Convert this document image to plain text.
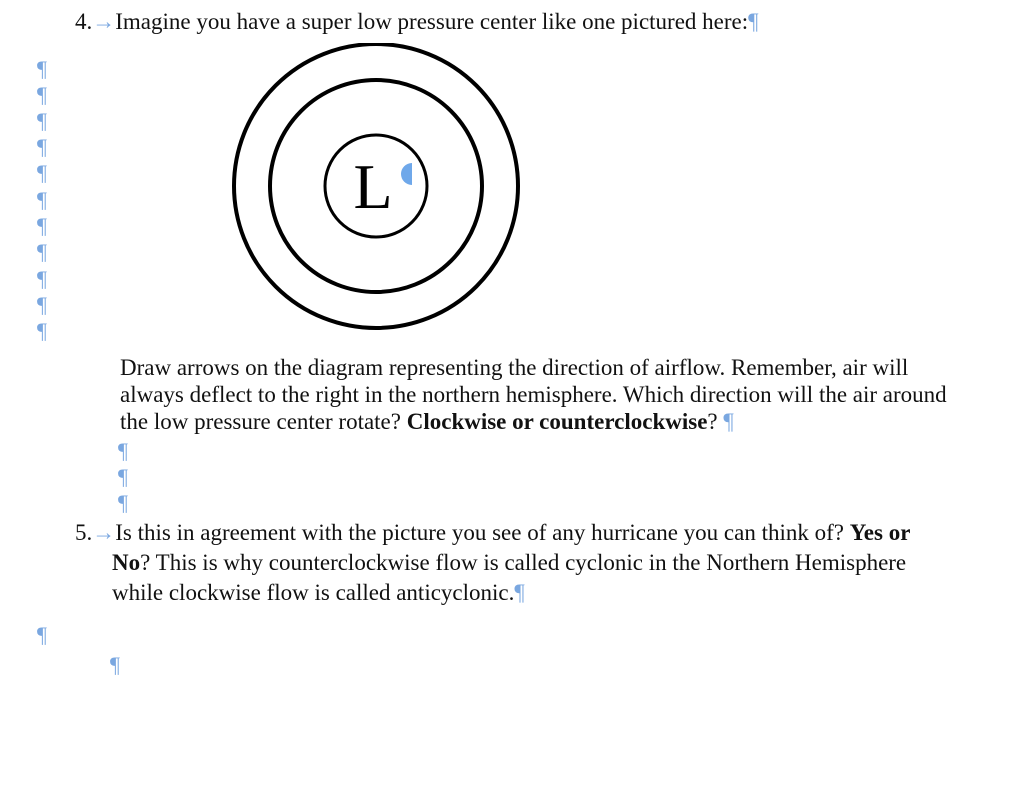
4.→Imagine you have a super low pressure center like one pictured here:¶
¶
¶
¶
¶
¶
¶
¶
¶
¶
¶
¶
L
Draw arrows on the diagram representing the direction of airflow. Remember, air will always deflect to the right in the northern hemisphere. Which direction will the air around the low pressure center rotate? Clockwise or counterclockwise? ¶
¶
¶
¶
5.→Is this in agreement with the picture you see of any hurricane you can think of? Yes or
No? This is why counterclockwise flow is called cyclonic in the Northern Hemisphere while clockwise flow is called anticyclonic.¶
¶
¶
